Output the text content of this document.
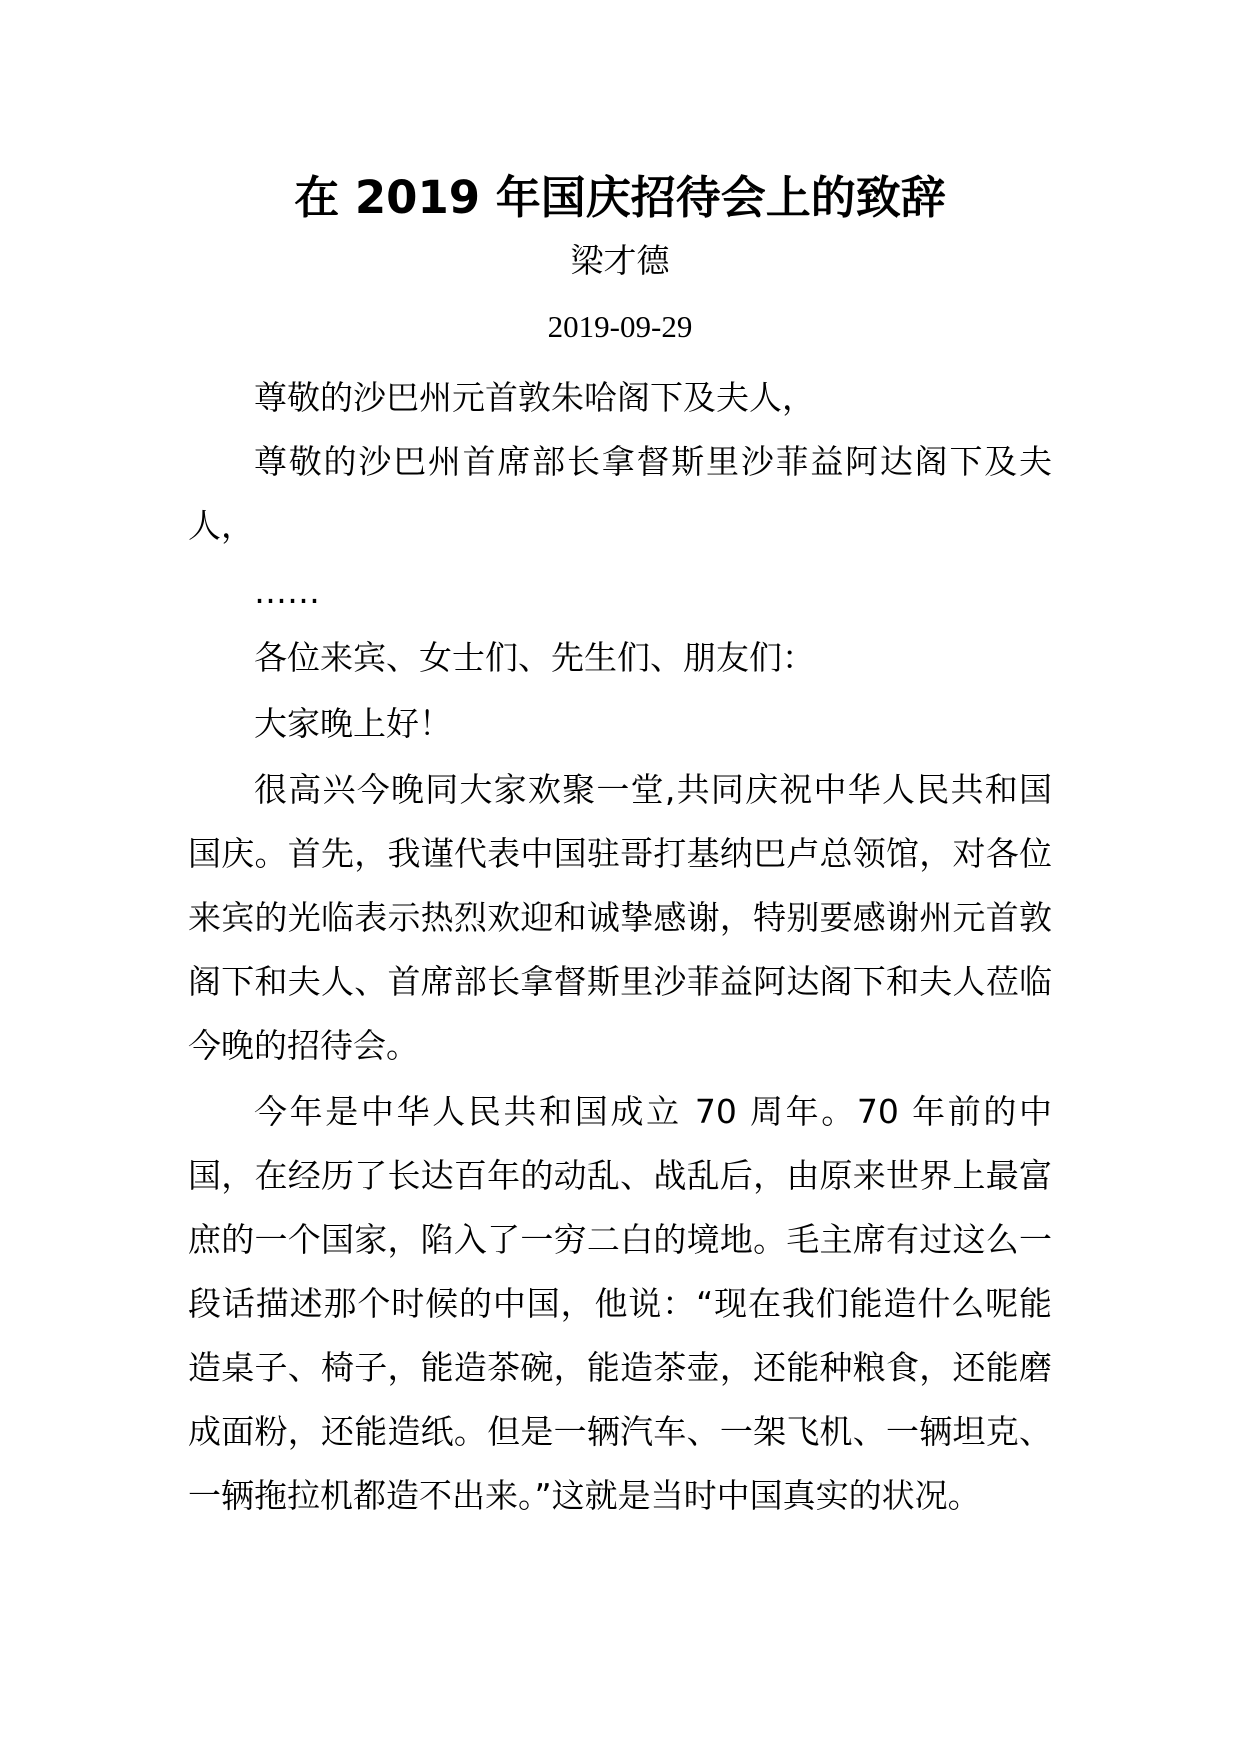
在 2019 年国庆招待会上的致辞
梁才德
2019-09-29

尊敬的沙巴州元首敦朱哈阁下及夫人，

尊敬的沙巴州首席部长拿督斯里沙菲益阿达阁下及夫人，

……

各位来宾、女士们、先生们、朋友们：

大家晚上好！

很高兴今晚同大家欢聚一堂,共同庆祝中华人民共和国国庆。首先，我谨代表中国驻哥打基纳巴卢总领馆，对各位来宾的光临表示热烈欢迎和诚挚感谢，特别要感谢州元首敦阁下和夫人、首席部长拿督斯里沙菲益阿达阁下和夫人莅临今晚的招待会。

今年是中华人民共和国成立 70 周年。70 年前的中国，在经历了长达百年的动乱、战乱后，由原来世界上最富庶的一个国家，陷入了一穷二白的境地。毛主席有过这么一段话描述那个时候的中国，他说：“现在我们能造什么呢能造桌子、椅子，能造茶碗，能造茶壶，还能种粮食，还能磨成面粉，还能造纸。但是一辆汽车、一架飞机、一辆坦克、一辆拖拉机都造不出来。”这就是当时中国真实的状况。
